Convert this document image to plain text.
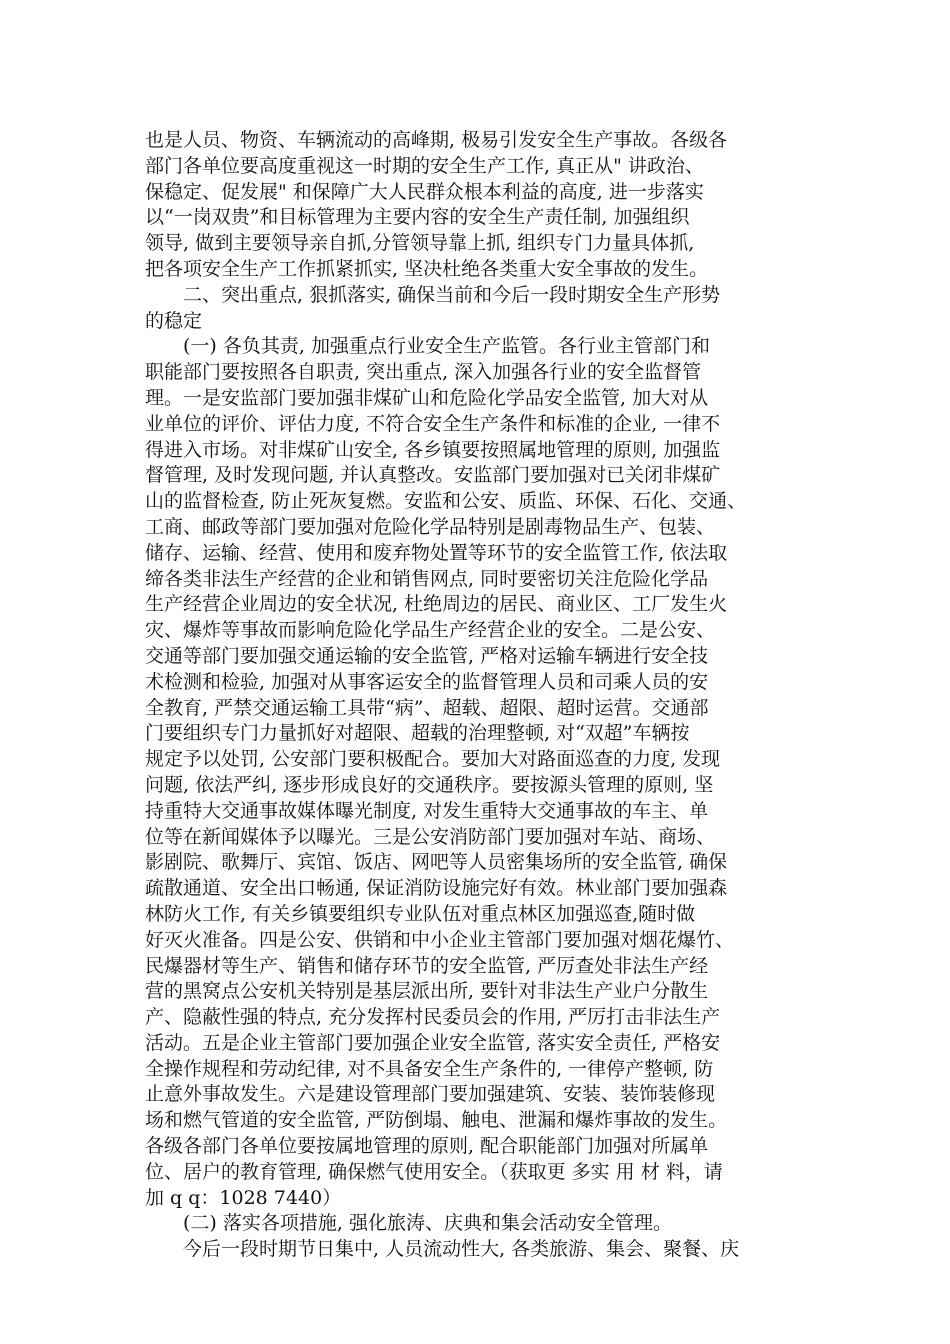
也是人员、物资、车辆流动的高峰期, 极易引发安全生产事故。各级各
部门各单位要高度重视这一时期的安全生产工作, 真正从" 讲政治、
保稳定、促发展" 和保障广大人民群众根本利益的高度, 进一步落实
以“一岗双贵”和目标管理为主要内容的安全生产责任制, 加强组织
领导, 做到主要领导亲自抓,分管领导靠上抓, 组织专门力量具体抓,
把各项安全生产工作抓紧抓实, 坚决杜绝各类重大安全事故的发生。
二、突出重点, 狠抓落实, 确保当前和今后一段时期安全生产形势
的稳定
(一) 各负其责, 加强重点行业安全生产监管。各行业主管部门和
职能部门要按照各自职责, 突出重点, 深入加强各行业的安全监督管
理。一是安监部门要加强非煤矿山和危险化学品安全监管, 加大对从
业单位的评价、评估力度, 不符合安全生产条件和标准的企业, 一律不
得进入市场。对非煤矿山安全, 各乡镇要按照属地管理的原则, 加强监
督管理, 及时发现问题, 并认真整改。安监部门要加强对已关闭非煤矿
山的监督检查, 防止死灰复燃。安监和公安、质监、环保、石化、交通、
工商、邮政等部门要加强对危险化学品特别是剧毒物品生产、包装、
储存、运输、经营、使用和废弃物处置等环节的安全监管工作, 依法取
缔各类非法生产经营的企业和销售网点, 同时要密切关注危险化学品
生产经营企业周边的安全状况, 杜绝周边的居民、商业区、工厂发生火
灾、爆炸等事故而影响危险化学品生产经营企业的安全。二是公安、
交通等部门要加强交通运输的安全监管, 严格对运输车辆进行安全技
术检测和检验, 加强对从事客运安全的监督管理人员和司乘人员的安
全教育, 严禁交通运输工具带“病”、超载、超限、超时运营。交通部
门要组织专门力量抓好对超限、超载的治理整顿, 对“双超”车辆按
规定予以处罚, 公安部门要积极配合。要加大对路面巡查的力度, 发现
问题, 依法严纠, 逐步形成良好的交通秩序。要按源头管理的原则, 坚
持重特大交通事故媒体曝光制度, 对发生重特大交通事故的车主、单
位等在新闻媒体予以曝光。三是公安消防部门要加强对车站、商场、
影剧院、歌舞厅、宾馆、饭店、网吧等人员密集场所的安全监管, 确保
疏散通道、安全出口畅通, 保证消防设施完好有效。林业部门要加强森
林防火工作, 有关乡镇要组织专业队伍对重点林区加强巡查,随时做
好灭火准备。四是公安、供销和中小企业主管部门要加强对烟花爆竹、
民爆器材等生产、销售和储存环节的安全监管, 严厉查处非法生产经
营的黑窝点公安机关特别是基层派出所, 要针对非法生产业户分散生
产、隐蔽性强的特点, 充分发挥村民委员会的作用, 严厉打击非法生产
活动。五是企业主管部门要加强企业安全监管, 落实安全责任, 严格安
全操作规程和劳动纪律, 对不具备安全生产条件的, 一律停产整顿, 防
止意外事故发生。六是建设管理部门要加强建筑、安装、装饰装修现
场和燃气管道的安全监管, 严防倒塌、触电、泄漏和爆炸事故的发生。
各级各部门各单位要按属地管理的原则, 配合职能部门加强对所属单
位、居户的教育管理, 确保燃气使用安全。（获取更 多实 用 材 料，请
加 q q：1028 7440）
(二) 落实各项措施, 强化旅涛、庆典和集会活动安全管理。
今后一段时期节日集中, 人员流动性大, 各类旅游、集会、聚餐、庆
